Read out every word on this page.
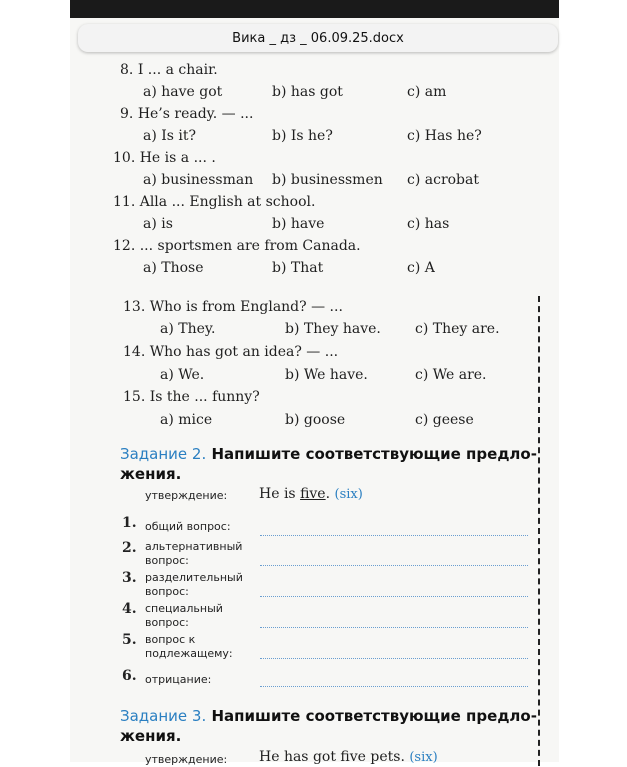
Вика _ дз _ 06.09.25.docx
8. I ... a chair.
a) have got	b) has got	c) am
9. He’s ready. — ...
a) Is it?	b) Is he?	c) Has he?
10. He is a ... .
a) businessman b) businessmen c) acrobat
11. Alla ... English at school.
a) is	b) have	c) has
12. ... sportsmen are from Canada.
a) Those	b) That	c) A
13. Who is from England? — ...
a) They.	b) They have. c) They are.
14. Who has got an idea? — ...
a) We.	b) We have.	c) We are.
15. Is the ... funny?
a) mice	b) goose	c) geese
Задание 2. Напишите соответствующие предло-
жения.
утверждение: He is five. (six)
1. общий вопрос:
2. альтернативный
вопрос:
3. разделительный
вопрос:
4. специальный
вопрос:
5. вопрос к
подлежащему:
6. отрицание:
Задание 3. Напишите соответствующие предло-
жения.
утверждение: He has got five pets. (six)
